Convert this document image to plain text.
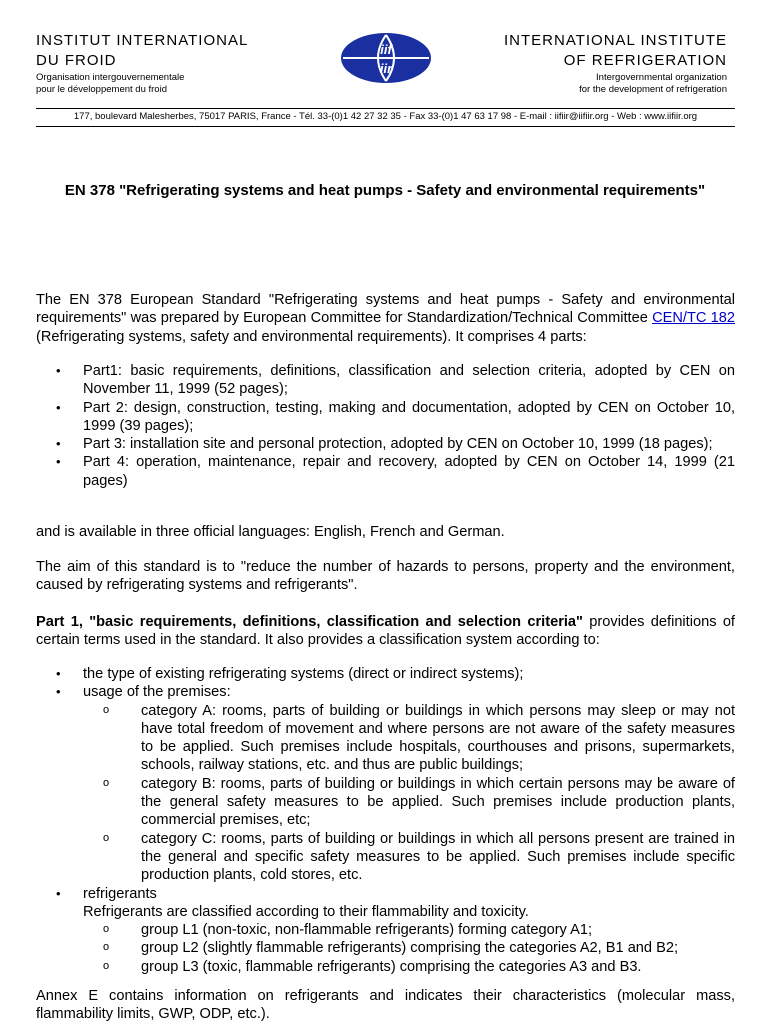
INSTITUT INTERNATIONAL
DU FROID
Organisation intergouvernementale
pour le développement du froid
INTERNATIONAL INSTITUTE
OF REFRIGERATION
Intergovernmental organization
for the development of refrigeration
iif
iir
177, boulevard Malesherbes, 75017 PARIS, France - Tél. 33-(0)1 42 27 32 35 - Fax 33-(0)1 47 63 17 98 - E-mail : iifiir@iifiir.org - Web : www.iifiir.org
EN 378 "Refrigerating systems and heat pumps - Safety and environmental requirements"
The EN 378 European Standard "Refrigerating systems and heat pumps - Safety and environmental requirements" was prepared by European Committee for Standardization/Technical Committee CEN/TC 182 (Refrigerating systems, safety and environmental requirements). It comprises 4 parts:
• Part1: basic requirements, definitions, classification and selection criteria, adopted by CEN on November 11, 1999 (52 pages);
• Part 2: design, construction, testing, making and documentation, adopted by CEN on October 10, 1999 (39 pages);
• Part 3: installation site and personal protection, adopted by CEN on October 10, 1999 (18 pages);
• Part 4: operation, maintenance, repair and recovery, adopted by CEN on October 14, 1999 (21 pages)
and is available in three official languages: English, French and German.
The aim of this standard is to "reduce the number of hazards to persons, property and the environment, caused by refrigerating systems and refrigerants".
Part 1, "basic requirements, definitions, classification and selection criteria" provides definitions of certain terms used in the standard. It also provides a classification system according to:
• the type of existing refrigerating systems (direct or indirect systems);
• usage of the premises:
o category A: rooms, parts of building or buildings in which persons may sleep or may not have total freedom of movement and where persons are not aware of the safety measures to be applied. Such premises include hospitals, courthouses and prisons, supermarkets, schools, railway stations, etc. and thus are public buildings;
o category B: rooms, parts of building or buildings in which certain persons may be aware of the general safety measures to be applied. Such premises include production plants, commercial premises, etc;
o category C: rooms, parts of building or buildings in which all persons present are trained in the general and specific safety measures to be applied. Such premises include specific production plants, cold stores, etc.
• refrigerants
Refrigerants are classified according to their flammability and toxicity.
o group L1 (non-toxic, non-flammable refrigerants) forming category A1;
o group L2 (slightly flammable refrigerants) comprising the categories A2, B1 and B2;
o group L3 (toxic, flammable refrigerants) comprising the categories A3 and B3.
Annex E contains information on refrigerants and indicates their characteristics (molecular mass, flammability limits, GWP, ODP, etc.).
